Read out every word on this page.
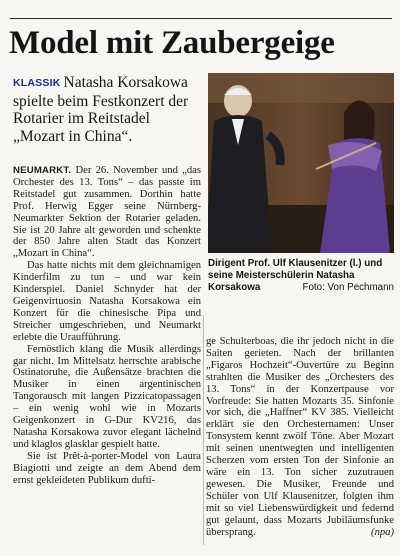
Model mit Zaubergeige
KLASSIK Natasha Korsakowa spielte beim Festkonzert der Rotarier im Reitstadel „Mozart in China“.
Dirigent Prof. Ulf Klausenitzer (l.) und seine Meisterschülerin Natasha Korsakowa	Foto: Von Pechmann

NEUMARKT. Der 26. November und „das Orchester des 13. Tons“ – das passte im Reitstadel gut zusammen. Dorthin hatte Prof. Herwig Egger seine Nürnberg-Neumarkter Sektion der Rotarier geladen. Sie ist 20 Jahre alt geworden und schenkte der 850 Jahre alten Stadt das Konzert „Mozart in China“.

Das hatte nichts mit dem gleichnamigen Kinderfilm zu tun – und war kein Kinderspiel. Daniel Schnyder hat der Geigenvirtuosin Natasha Korsakowa ein Konzert für die chinesische Pipa und Streicher umgeschrieben, und Neumarkt erlebte die Uraufführung.

Fernöstlich klang die Musik allerdings gar nicht. Im Mittelsatz herrschte arabische Ostinatoruhe, die Außensätze brachten die Musiker in einen argentinischen Tangorausch mit langen Pizzicatopassagen – ein wenig wohl wie in Mozarts Geigenkonzert in G-Dur KV216, das Natasha Korsakowa zuvor elegant lächelnd und klaglos glasklar gespielt hatte.

Sie ist Prêt-à-porter-Model von Laura Biagiotti und zeigte an dem Abend dem ernst gekleideten Publikum dufti-

ge Schulterboas, die ihr jedoch nicht in die Saiten gerieten. Nach der brillanten „Figaros Hochzeit“-Ouvertüre zu Beginn strahlten die Musiker des „Orchesters des 13. Tons“ in der Konzertpause vor Vorfreude: Sie hatten Mozarts 35. Sinfonie vor sich, die „Haffner“ KV 385. Vielleicht erklärt sie den Orchesternamen: Unser Tonsystem kennt zwölf Töne. Aber Mozart mit seinen unentwegten und intelligenten Scherzen vom ersten Ton der Sinfonie an wäre ein 13. Ton sicher zuzutrauen gewesen. Die Musiker, Freunde und Schüler von Ulf Klausenitzer, folgten ihm mit so viel Liebenswürdigkeit und federnd gut gelaunt, dass Mozarts Jubiläumsfunke übersprang.	(npa)
